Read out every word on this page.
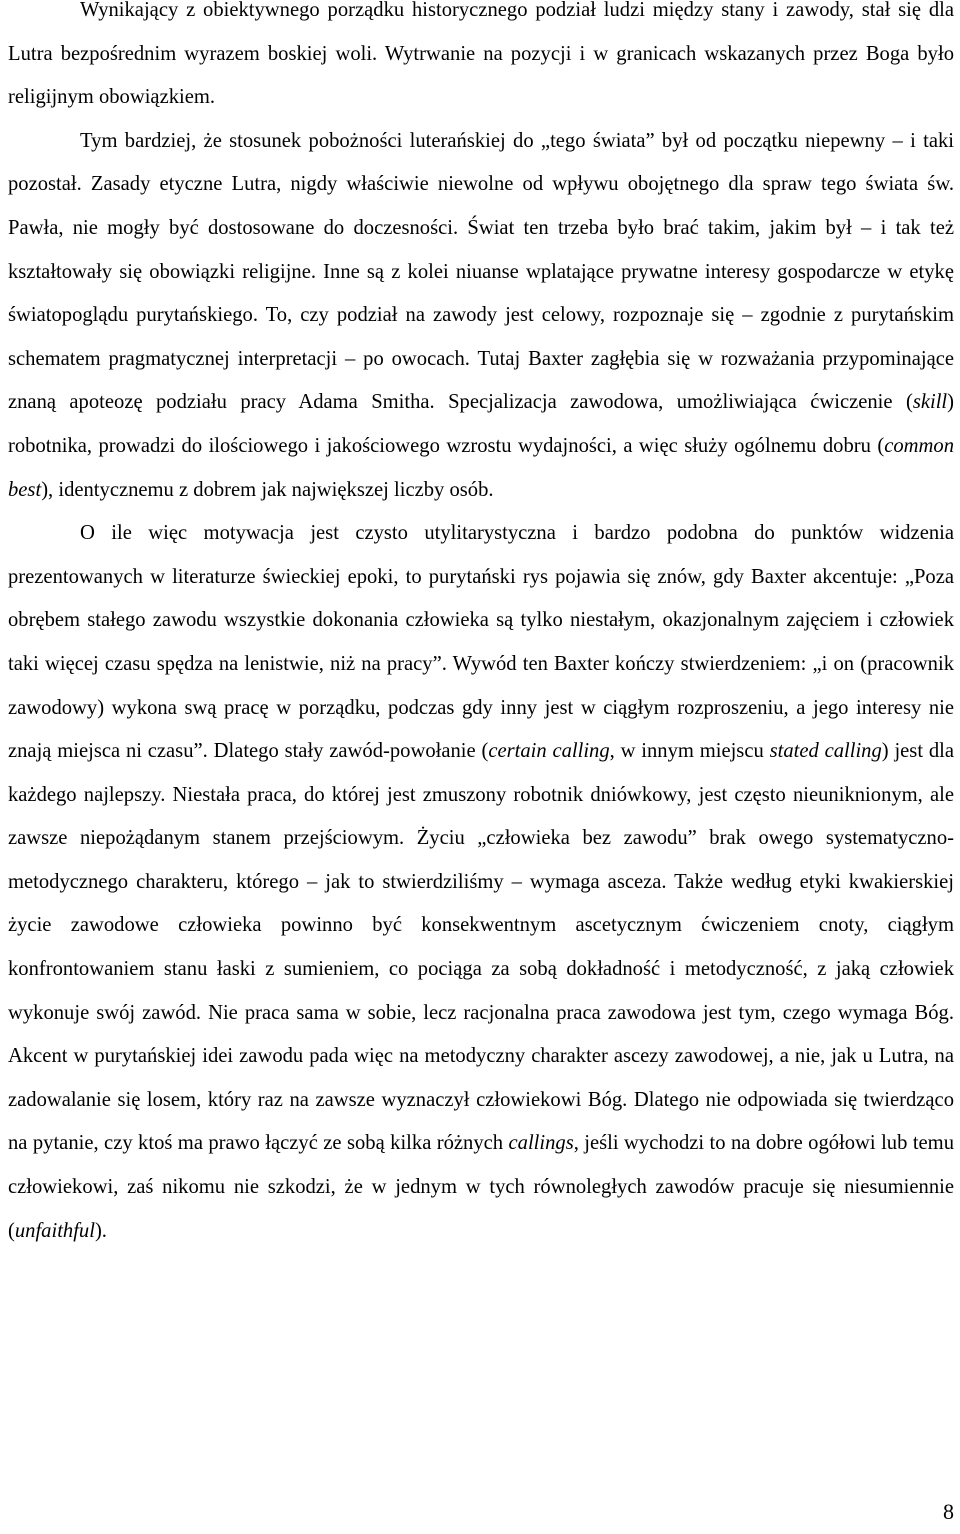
Wynikający z obiektywnego porządku historycznego podział ludzi między stany i zawody, stał się dla Lutra bezpośrednim wyrazem boskiej woli. Wytrwanie na pozycji i w granicach wskazanych przez Boga było religijnym obowiązkiem.

Tym bardziej, że stosunek pobożności luterańskiej do „tego świata” był od początku niepewny – i taki pozostał. Zasady etyczne Lutra, nigdy właściwie niewolne od wpływu obojętnego dla spraw tego świata św. Pawła, nie mogły być dostosowane do doczesności. Świat ten trzeba było brać takim, jakim był – i tak też kształtowały się obowiązki religijne. Inne są z kolei niuanse wplatające prywatne interesy gospodarcze w etykę światopoglądu purytańskiego. To, czy podział na zawody jest celowy, rozpoznaje się – zgodnie z purytańskim schematem pragmatycznej interpretacji – po owocach. Tutaj Baxter zagłębia się w rozważania przypominające znaną apoteozę podziału pracy Adama Smitha. Specjalizacja zawodowa, umożliwiająca ćwiczenie (skill) robotnika, prowadzi do ilościowego i jakościowego wzrostu wydajności, a więc służy ogólnemu dobru (common best), identycznemu z dobrem jak największej liczby osób.

O ile więc motywacja jest czysto utylitarystyczna i bardzo podobna do punktów widzenia prezentowanych w literaturze świeckiej epoki, to purytański rys pojawia się znów, gdy Baxter akcentuje: „Poza obrębem stałego zawodu wszystkie dokonania człowieka są tylko niestałym, okazjonalnym zajęciem i człowiek taki więcej czasu spędza na lenistwie, niż na pracy”. Wywód ten Baxter kończy stwierdzeniem: „i on (pracownik zawodowy) wykona swą pracę w porządku, podczas gdy inny jest w ciągłym rozproszeniu, a jego interesy nie znają miejsca ni czasu”. Dlatego stały zawód-powołanie (certain calling, w innym miejscu stated calling) jest dla każdego najlepszy. Niestała praca, do której jest zmuszony robotnik dniówkowy, jest często nieuniknionym, ale zawsze niepożądanym stanem przejściowym. Życiu „człowieka bez zawodu” brak owego systematyczno-metodycznego charakteru, którego – jak to stwierdziliśmy – wymaga asceza. Także według etyki kwakierskiej życie zawodowe człowieka powinno być konsekwentnym ascetycznym ćwiczeniem cnoty, ciągłym konfrontowaniem stanu łaski z sumieniem, co pociąga za sobą dokładność i metodyczność, z jaką człowiek wykonuje swój zawód. Nie praca sama w sobie, lecz racjonalna praca zawodowa jest tym, czego wymaga Bóg. Akcent w purytańskiej idei zawodu pada więc na metodyczny charakter ascezy zawodowej, a nie, jak u Lutra, na zadowalanie się losem, który raz na zawsze wyznaczył człowiekowi Bóg. Dlatego nie odpowiada się twierdząco na pytanie, czy ktoś ma prawo łączyć ze sobą kilka różnych callings, jeśli wychodzi to na dobre ogółowi lub temu człowiekowi, zaś nikomu nie szkodzi, że w jednym w tych równoległych zawodów pracuje się niesumiennie (unfaithful).

8
